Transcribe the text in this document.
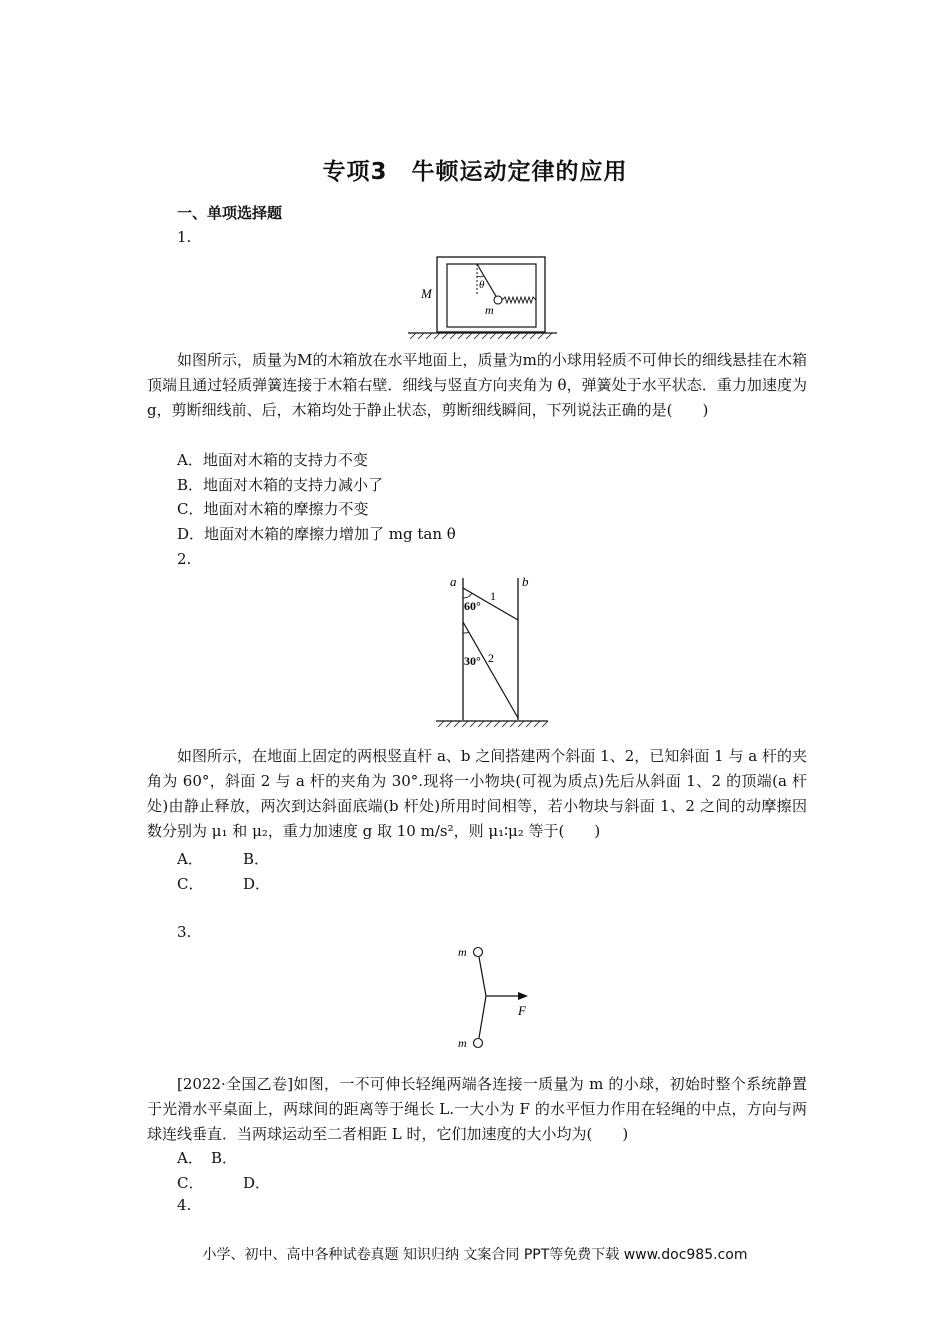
专项3　牛顿运动定律的应用
一、单项选择题
1.
M
m
θ
如图所示，质量为M的木箱放在水平地面上，质量为m的小球用轻质不可伸长的细线悬挂在木箱顶端且通过轻质弹簧连接于木箱右壁．细线与竖直方向夹角为 θ，弹簧处于水平状态．重力加速度为g，剪断细线前、后，木箱均处于静止状态，剪断细线瞬间，下列说法正确的是(　　)
A．地面对木箱的支持力不变
B．地面对木箱的支持力减小了
C．地面对木箱的摩擦力不变
D．地面对木箱的摩擦力增加了 mg tan θ
2.
a	b
1
2
60°
30°
如图所示，在地面上固定的两根竖直杆 a、b 之间搭建两个斜面 1、2，已知斜面 1 与 a 杆的夹角为 60°，斜面 2 与 a 杆的夹角为 30°.现将一小物块(可视为质点)先后从斜面 1、2 的顶端(a 杆处)由静止释放，两次到达斜面底端(b 杆处)所用时间相等，若小物块与斜面 1、2 之间的动摩擦因数分别为 μ₁ 和 μ₂，重力加速度 g 取 10 m/s²，则 μ₁∶μ₂ 等于(　　)
A．	B．
C．	D．
3.
m
m
F
[2022·全国乙卷]如图，一不可伸长轻绳两端各连接一质量为 m 的小球，初始时整个系统静置于光滑水平桌面上，两球间的距离等于绳长 L.一大小为 F 的水平恒力作用在轻绳的中点，方向与两球连线垂直．当两球运动至二者相距 L 时，它们加速度的大小均为(　　)
A． B．
C．	D．
4.
小学、初中、高中各种试卷真题 知识归纳 文案合同 PPT等免费下载 www.doc985.com
